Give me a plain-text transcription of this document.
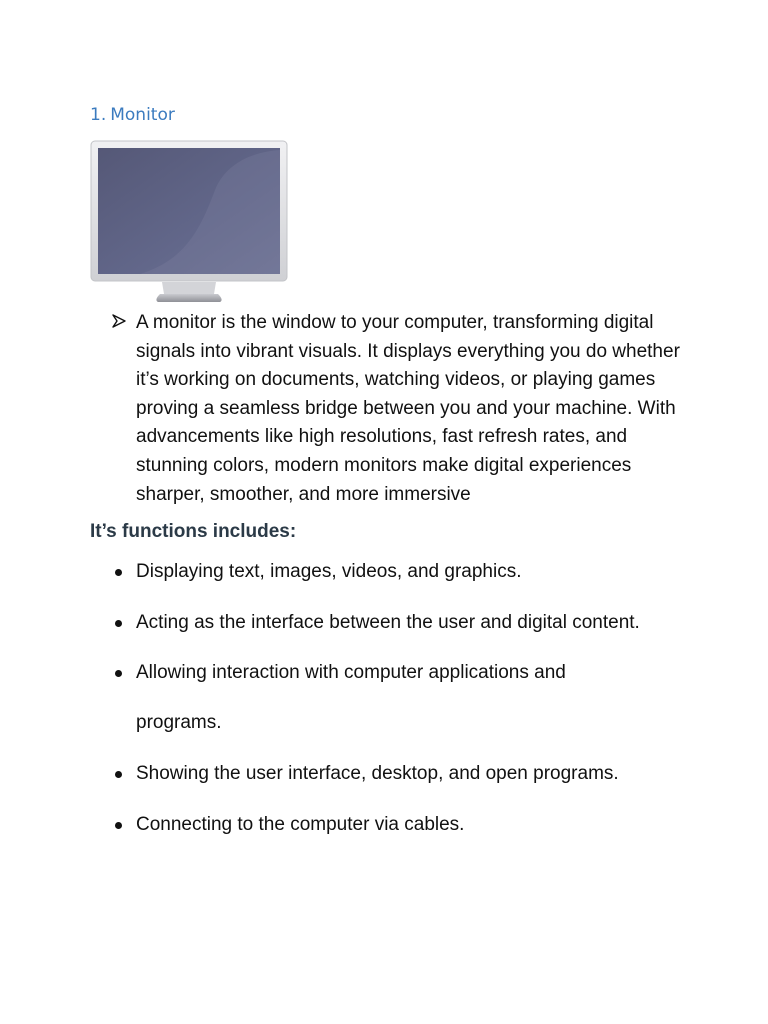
1. Monitor
A monitor is the window to your computer, transforming digital signals into vibrant visuals. It displays everything you do whether it’s working on documents, watching videos, or playing games proving a seamless bridge between you and your machine. With advancements like high resolutions, fast refresh rates, and stunning colors, modern monitors make digital experiences sharper, smoother, and more immersive
It’s functions includes:
Displaying text, images, videos, and graphics.
Acting as the interface between the user and digital content.
Allowing interaction with computer applications and programs.
Showing the user interface, desktop, and open programs.
Connecting to the computer via cables.
